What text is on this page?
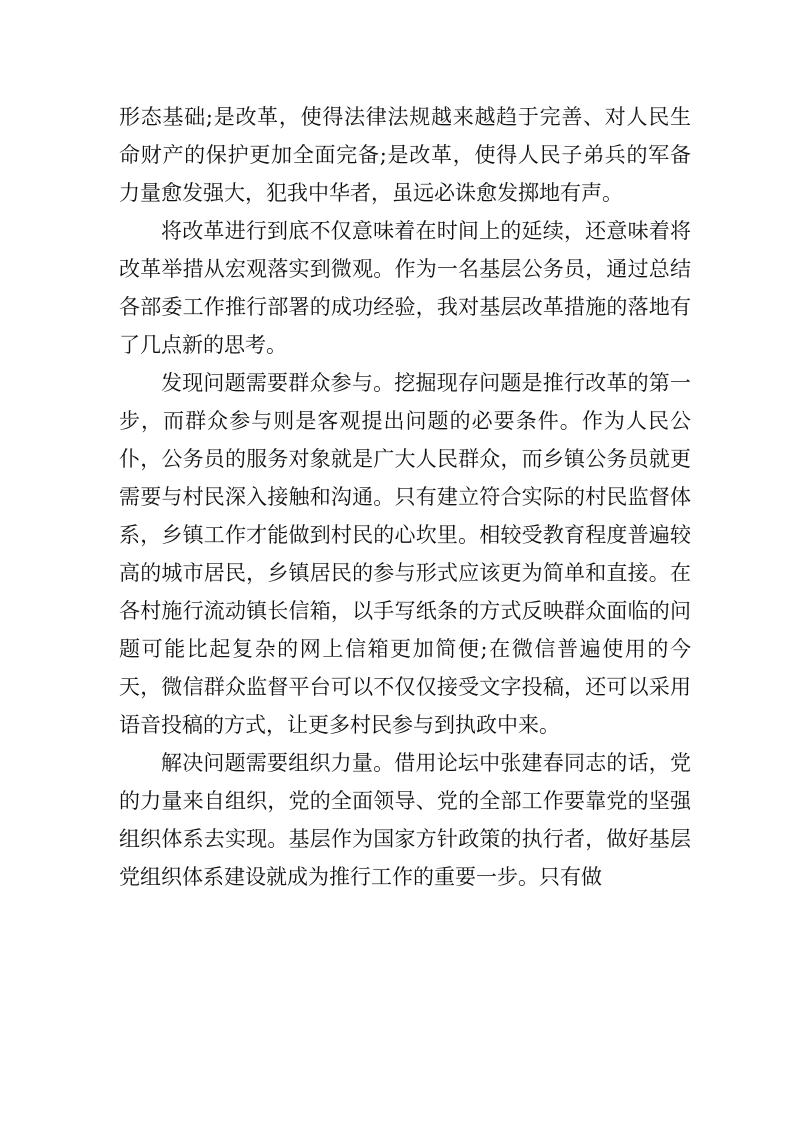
形态基础;是改革，使得法律法规越来越趋于完善、对人民生命财产的保护更加全面完备;是改革，使得人民子弟兵的军备力量愈发强大，犯我中华者，虽远必诛愈发掷地有声。

将改革进行到底不仅意味着在时间上的延续，还意味着将改革举措从宏观落实到微观。作为一名基层公务员，通过总结各部委工作推行部署的成功经验，我对基层改革措施的落地有了几点新的思考。

发现问题需要群众参与。挖掘现存问题是推行改革的第一步，而群众参与则是客观提出问题的必要条件。作为人民公仆，公务员的服务对象就是广大人民群众，而乡镇公务员就更需要与村民深入接触和沟通。只有建立符合实际的村民监督体系，乡镇工作才能做到村民的心坎里。相较受教育程度普遍较高的城市居民，乡镇居民的参与形式应该更为简单和直接。在各村施行流动镇长信箱，以手写纸条的方式反映群众面临的问题可能比起复杂的网上信箱更加简便;在微信普遍使用的今天，微信群众监督平台可以不仅仅接受文字投稿，还可以采用语音投稿的方式，让更多村民参与到执政中来。

解决问题需要组织力量。借用论坛中张建春同志的话，党的力量来自组织，党的全面领导、党的全部工作要靠党的坚强组织体系去实现。基层作为国家方针政策的执行者，做好基层党组织体系建设就成为推行工作的重要一步。只有做
